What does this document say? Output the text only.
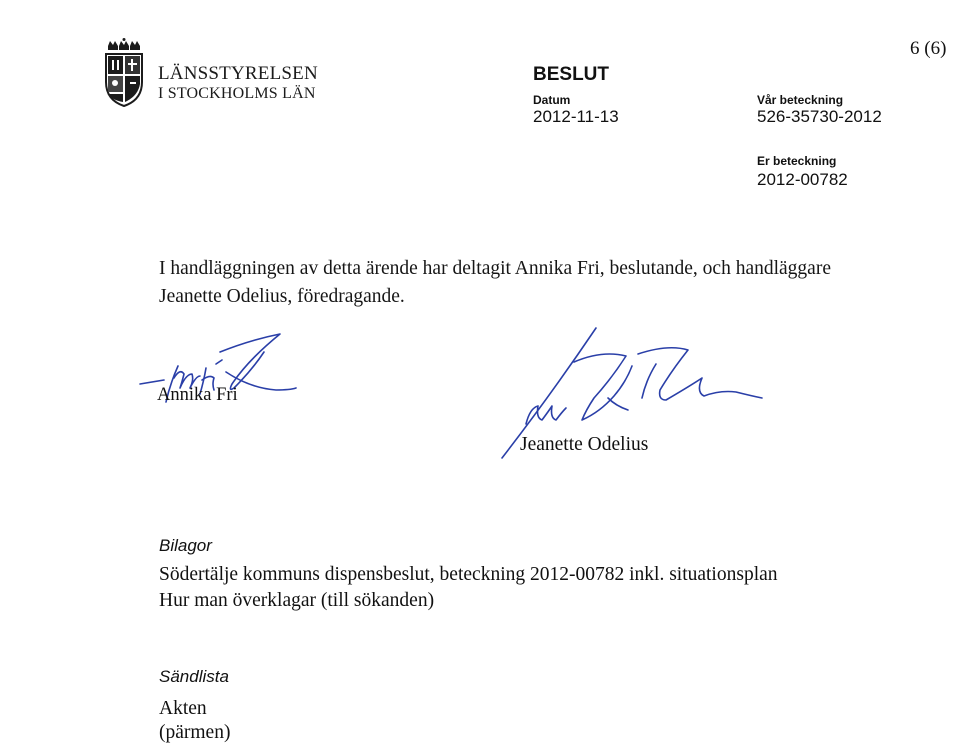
LÄNSSTYRELSEN
I STOCKHOLMS LÄN
BESLUT
Datum
2012-11-13
Vår beteckning
526-35730-2012
Er beteckning
2012-00782
6 (6)
I handläggningen av detta ärende har deltagit Annika Fri, beslutande, och handläggare Jeanette Odelius, föredragande.
Annika Fri
Jeanette Odelius
Bilagor
Södertälje kommuns dispensbeslut, beteckning 2012-00782 inkl. situationsplan
Hur man överklagar (till sökanden)
Sändlista
Akten
(pärmen)
